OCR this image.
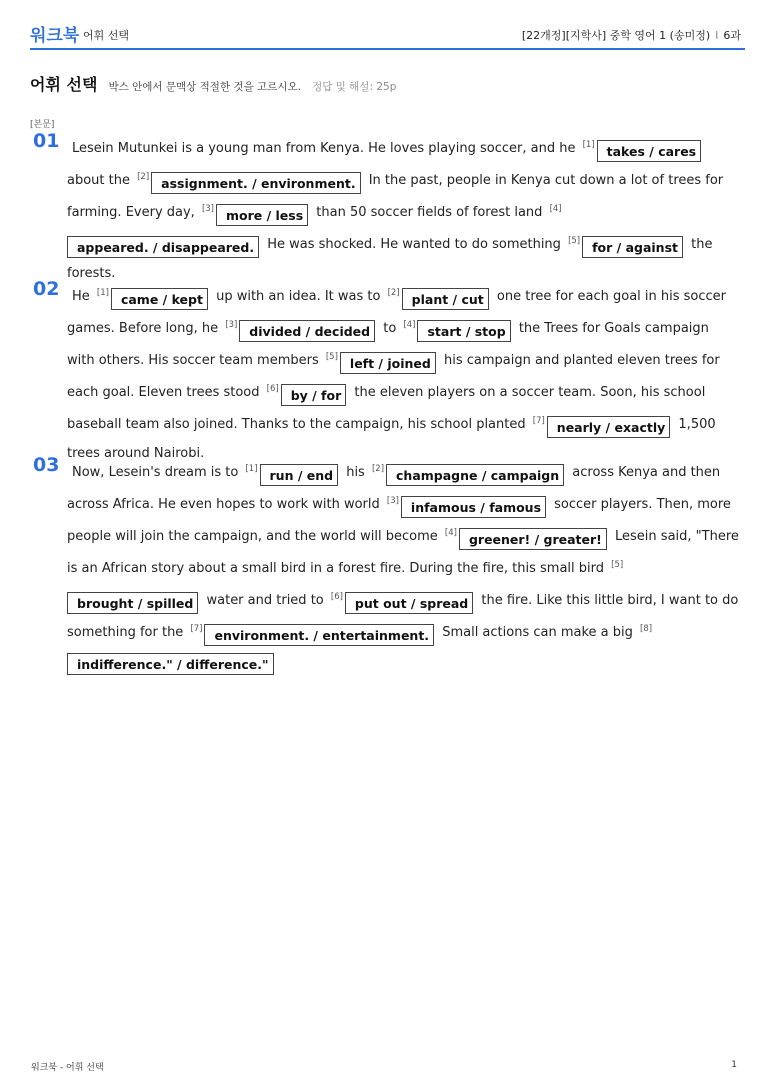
워크북 어휘 선택	[22개정][지학사] 중학 영어 1 (송미정) I 6과
어휘 선택 박스 안에서 문맥상 적절한 것을 고르시오. 정답 및 해설: 25p
[본문]
01 Lesein Mutunkei is a young man from Kenya. He loves playing soccer, and he [1] takes / cares about the [2] assignment. / environment. In the past, people in Kenya cut down a lot of trees for farming. Every day, [3] more / less than 50 soccer fields of forest land [4]appeared. / disappeared. He was shocked. He wanted to do something [5] for / against the forests.
02 He [1] came / kept up with an idea. It was to [2] plant / cut one tree for each goal in his soccer games. Before long, he [3] divided / decided to [4] start / stop the Trees for Goals campaign with others. His soccer team members [5] left / joined his campaign and planted eleven trees for each goal. Eleven trees stood [6] by / for the eleven players on a soccer team. Soon, his school baseball team also joined. Thanks to the campaign, his school planted [7] nearly / exactly 1,500 trees around Nairobi.
03 Now, Lesein's dream is to [1] run / end his [2] champagne / campaign across Kenya and then across Africa. He even hopes to work with world [3] infamous / famous soccer players. Then, more people will join the campaign, and the world will become [4] greener! / greater! Lesein said, "There is an African story about a small bird in a forest fire. During the fire, this small bird [5]brought / spilled water and tried to [6] put out / spread the fire. Like this little bird, I want to do something for the [7] environment. / entertainment. Small actions can make a big [8]indifference." / difference."
워크북 - 어휘 선택	1
